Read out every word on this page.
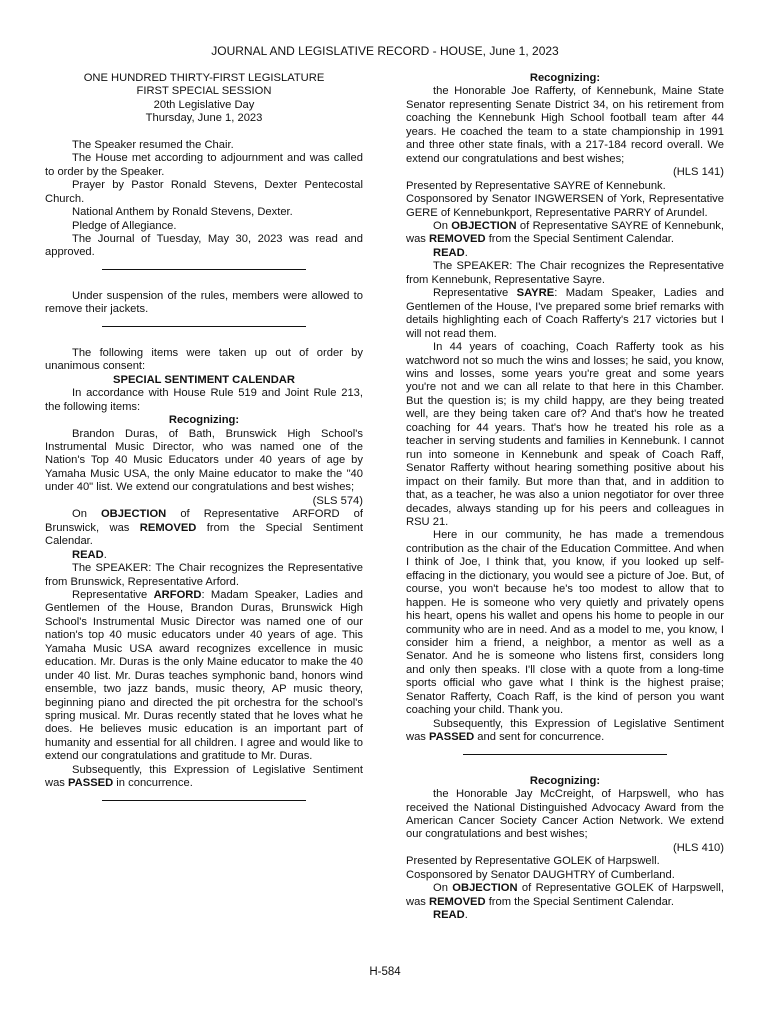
JOURNAL AND LEGISLATIVE RECORD - HOUSE, June 1, 2023

ONE HUNDRED THIRTY-FIRST LEGISLATURE

FIRST SPECIAL SESSION

20th Legislative Day

Thursday, June 1, 2023

The Speaker resumed the Chair.

The House met according to adjournment and was called to order by the Speaker.

Prayer by Pastor Ronald Stevens, Dexter Pentecostal Church.

National Anthem by Ronald Stevens, Dexter.

Pledge of Allegiance.

The Journal of Tuesday, May 30, 2023 was read and approved.

Under suspension of the rules, members were allowed to remove their jackets.

The following items were taken up out of order by unanimous consent:

SPECIAL SENTIMENT CALENDAR

In accordance with House Rule 519 and Joint Rule 213, the following items:

Recognizing:

Brandon Duras, of Bath, Brunswick High School's Instrumental Music Director, who was named one of the Nation's Top 40 Music Educators under 40 years of age by Yamaha Music USA, the only Maine educator to make the "40 under 40" list. We extend our congratulations and best wishes;

(SLS 574)

On OBJECTION of Representative ARFORD of Brunswick, was REMOVED from the Special Sentiment Calendar.

READ.

The SPEAKER: The Chair recognizes the Representative from Brunswick, Representative Arford.

Representative ARFORD: Madam Speaker, Ladies and Gentlemen of the House, Brandon Duras, Brunswick High School's Instrumental Music Director was named one of our nation's top 40 music educators under 40 years of age. This Yamaha Music USA award recognizes excellence in music education. Mr. Duras is the only Maine educator to make the 40 under 40 list. Mr. Duras teaches symphonic band, honors wind ensemble, two jazz bands, music theory, AP music theory, beginning piano and directed the pit orchestra for the school's spring musical. Mr. Duras recently stated that he loves what he does. He believes music education is an important part of humanity and essential for all children. I agree and would like to extend our congratulations and gratitude to Mr. Duras.

Subsequently, this Expression of Legislative Sentiment was PASSED in concurrence.

Recognizing:

the Honorable Joe Rafferty, of Kennebunk, Maine State Senator representing Senate District 34, on his retirement from coaching the Kennebunk High School football team after 44 years. He coached the team to a state championship in 1991 and three other state finals, with a 217-184 record overall. We extend our congratulations and best wishes;

(HLS 141)

Presented by Representative SAYRE of Kennebunk.

Cosponsored by Senator INGWERSEN of York, Representative GERE of Kennebunkport, Representative PARRY of Arundel.

On OBJECTION of Representative SAYRE of Kennebunk, was REMOVED from the Special Sentiment Calendar.

READ.

The SPEAKER: The Chair recognizes the Representative from Kennebunk, Representative Sayre.

Representative SAYRE: Madam Speaker, Ladies and Gentlemen of the House, I've prepared some brief remarks with details highlighting each of Coach Rafferty's 217 victories but I will not read them.

In 44 years of coaching, Coach Rafferty took as his watchword not so much the wins and losses; he said, you know, wins and losses, some years you're great and some years you're not and we can all relate to that here in this Chamber. But the question is; is my child happy, are they being treated well, are they being taken care of? And that's how he treated coaching for 44 years. That's how he treated his role as a teacher in serving students and families in Kennebunk. I cannot run into someone in Kennebunk and speak of Coach Raff, Senator Rafferty without hearing something positive about his impact on their family. But more than that, and in addition to that, as a teacher, he was also a union negotiator for over three decades, always standing up for his peers and colleagues in RSU 21.

Here in our community, he has made a tremendous contribution as the chair of the Education Committee. And when I think of Joe, I think that, you know, if you looked up self-effacing in the dictionary, you would see a picture of Joe. But, of course, you won't because he's too modest to allow that to happen. He is someone who very quietly and privately opens his heart, opens his wallet and opens his home to people in our community who are in need. And as a model to me, you know, I consider him a friend, a neighbor, a mentor as well as a Senator. And he is someone who listens first, considers long and only then speaks. I'll close with a quote from a long-time sports official who gave what I think is the highest praise; Senator Rafferty, Coach Raff, is the kind of person you want coaching your child. Thank you.

Subsequently, this Expression of Legislative Sentiment was PASSED and sent for concurrence.

Recognizing:

the Honorable Jay McCreight, of Harpswell, who has received the National Distinguished Advocacy Award from the American Cancer Society Cancer Action Network. We extend our congratulations and best wishes;

(HLS 410)

Presented by Representative GOLEK of Harpswell.

Cosponsored by Senator DAUGHTRY of Cumberland.

On OBJECTION of Representative GOLEK of Harpswell, was REMOVED from the Special Sentiment Calendar.

READ.

H-584
